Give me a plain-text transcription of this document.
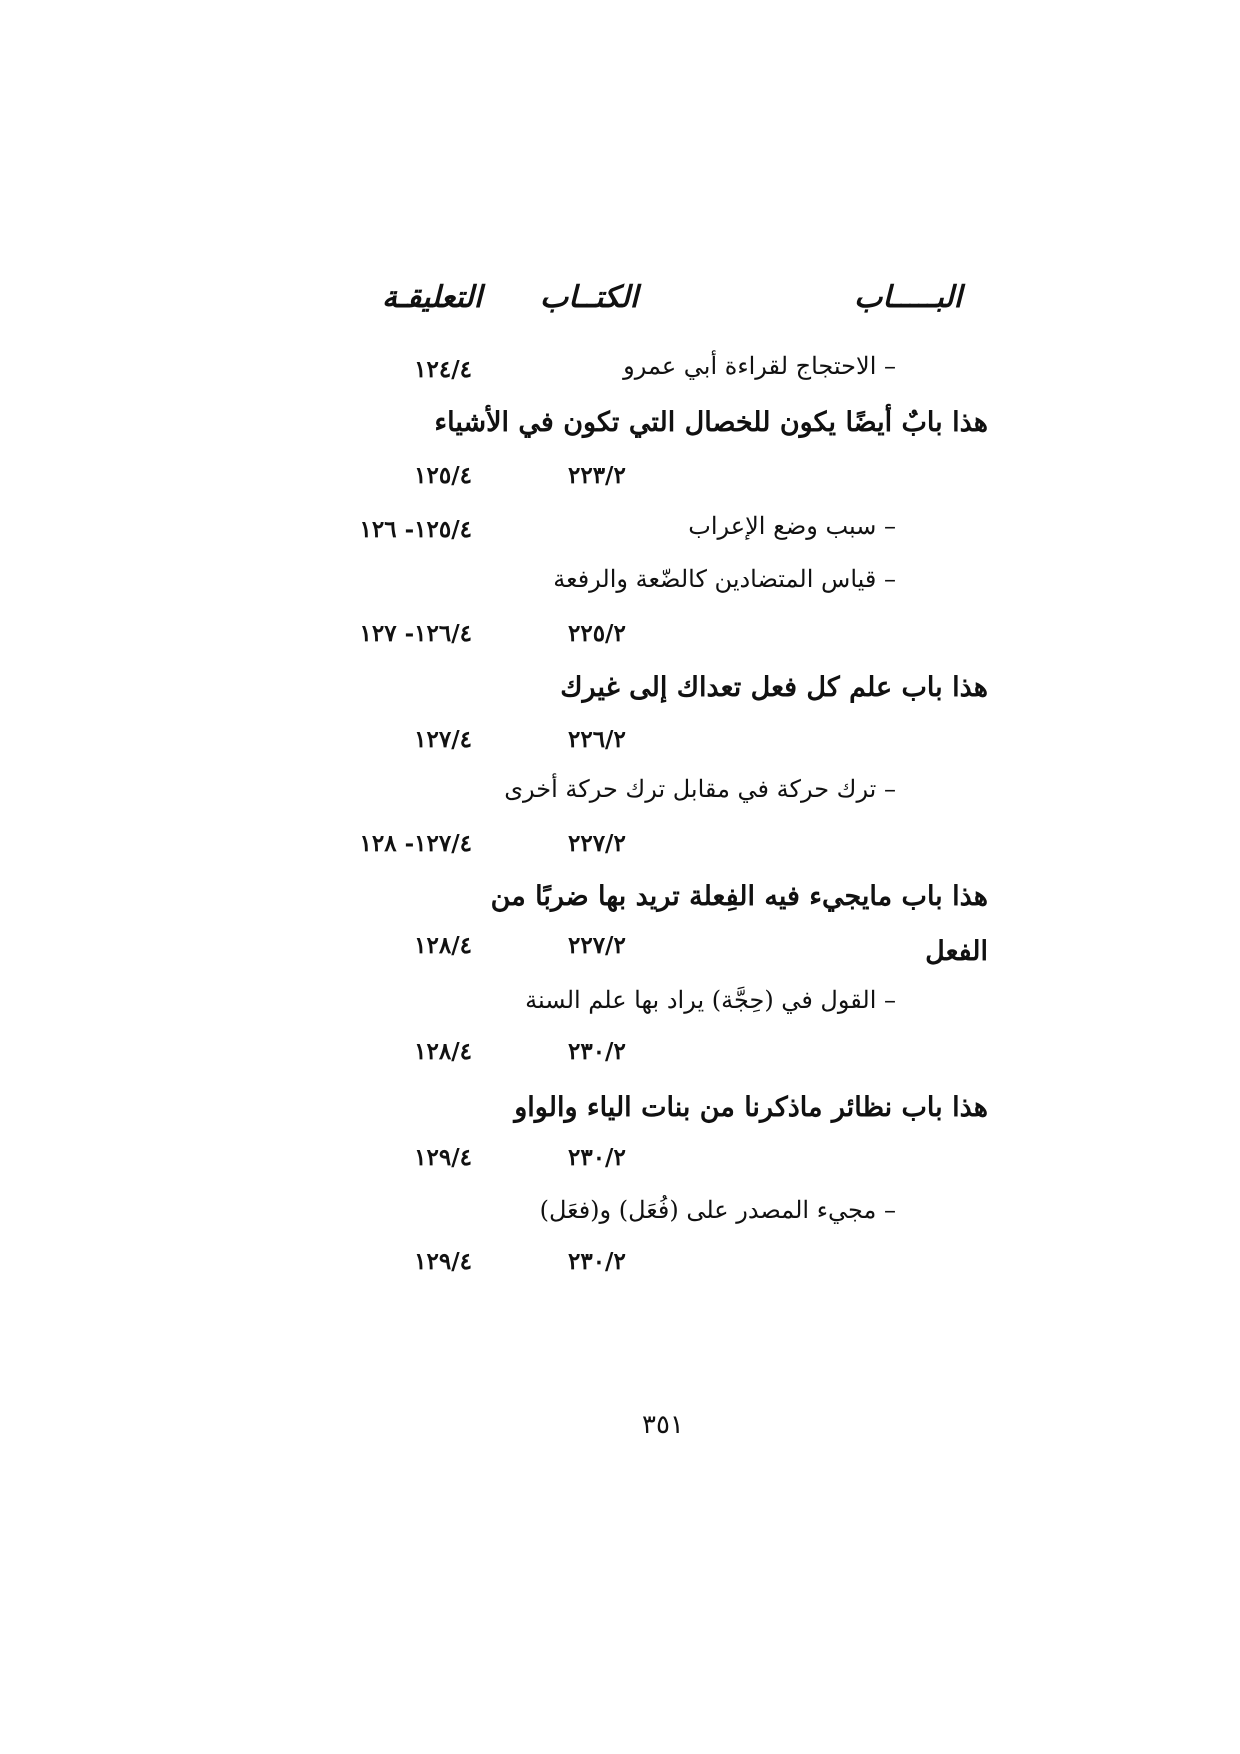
البـــــاب
الكتــاب
التعليقـة
– الاحتجاج لقراءة أبي عمرو
١٢٤/٤
هذا بابٌ أيضًا يكون للخصال التي تكون في الأشياء
٢٢٣/٢
١٢٥/٤
– سبب وضع الإعراب
١٢٥/٤- ١٢٦
– قياس المتضادين كالضّعة والرفعة
٢٢٥/٢
١٢٦/٤- ١٢٧
هذا باب علم كل فعل تعداك إلى غيرك
٢٢٦/٢
١٢٧/٤
– ترك حركة في مقابل ترك حركة أخرى
٢٢٧/٢
١٢٧/٤- ١٢٨
هذا باب مايجيء فيه الفِعلة تريد بها ضربًا من
الفعل
٢٢٧/٢
١٢٨/٤
– القول في (حِجَّة) يراد بها علم السنة
٢٣٠/٢
١٢٨/٤
هذا باب نظائر ماذكرنا من بنات الياء والواو
٢٣٠/٢
١٢٩/٤
– مجيء المصدر على (فُعَل) و(فعَل)
٢٣٠/٢
١٢٩/٤
٣٥١
